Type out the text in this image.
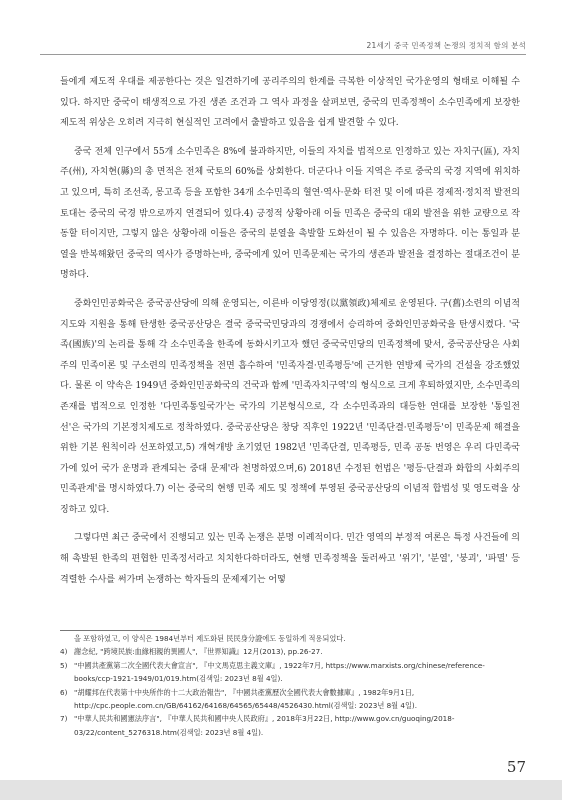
21세기 중국 민족정책 논쟁의 정치적 함의 분석

들에게 제도적 우대를 제공한다는 것은 일견하기에 공리주의의 한계를 극복한 이상적인 국가운영의 형태로 이해될 수 있다. 하지만 중국이 태생적으로 가진 생존 조건과 그 역사 과정을 살펴보면, 중국의 민족정책이 소수민족에게 보장한 제도적 위상은 오히려 지극히 현실적인 고려에서 출발하고 있음을 쉽게 발견할 수 있다.

중국 전체 인구에서 55개 소수민족은 8%에 불과하지만, 이들의 자치를 법적으로 인정하고 있는 자치구(區), 자치주(州), 자치현(縣)의 총 면적은 전체 국토의 60%를 상회한다. 더군다나 이들 지역은 주로 중국의 국경 지역에 위치하고 있으며, 특히 조선족, 몽고족 등을 포함한 34개 소수민족의 혈연·역사·문화 터전 및 이에 따른 경제적·정치적 발전의 토대는 중국의 국경 밖으로까지 연결되어 있다.4) 긍정적 상황아래 이들 민족은 중국의 대외 발전을 위한 교량으로 작동할 터이지만, 그렇지 않은 상황아래 이들은 중국의 분열을 촉발할 도화선이 될 수 있음은 자명하다. 이는 통일과 분열을 반복해왔던 중국의 역사가 증명하는바, 중국에게 있어 민족문제는 국가의 생존과 발전을 결정하는 절대조건이 분명하다.

중화인민공화국은 중국공산당에 의해 운영되는, 이른바 이당영정(以黨領政)체제로 운영된다. 구(舊)소련의 이념적 지도와 지원을 통해 탄생한 중국공산당은 결국 중국국민당과의 경쟁에서 승리하여 중화인민공화국을 탄생시켰다. '국족(國族)'의 논리를 통해 각 소수민족을 한족에 동화시키고자 했던 중국국민당의 민족정책에 맞서, 중국공산당은 사회주의 민족이론 및 구소련의 민족정책을 전면 흡수하여 '민족자결·민족평등'에 근거한 연방제 국가의 건설을 강조했었다. 물론 이 약속은 1949년 중화인민공화국의 건국과 함께 '민족자치구역'의 형식으로 크게 후퇴하였지만, 소수민족의 존재를 법적으로 인정한 '다민족통일국가'는 국가의 기본형식으로, 각 소수민족과의 대등한 연대를 보장한 '통일전선'은 국가의 기본정치제도로 정착하였다. 중국공산당은 창당 직후인 1922년 '민족단결·민족평등'이 민족문제 해결을 위한 기본 원칙이라 선포하였고,5) 개혁개방 초기였던 1982년 '민족단결, 민족평등, 민족 공동 번영은 우리 다민족국가에 있어 국가 운명과 관계되는 중대 문제'라 천명하였으며,6) 2018년 수정된 헌법은 '평등·단결과 화합의 사회주의 민족관계'를 명시하였다.7) 이는 중국의 현행 민족 제도 및 정책에 투영된 중국공산당의 이념적 합법성 및 영도력을 상징하고 있다.

그렇다면 최근 중국에서 진행되고 있는 민족 논쟁은 분명 이례적이다. 민간 영역의 부정적 여론은 특정 사건들에 의해 촉발된 한족의 편협한 민족정서라고 치치한다하더라도, 현행 민족정책을 둘러싸고 '위기', '분열', '붕괴', '파멸' 등 격렬한 수사를 써가며 논쟁하는 학자들의 문제제기는 어떻

을 포함하였고, 이 양식은 1984년부터 제도화된 民民身分證에도 동일하게 적용되었다.

4) 謝念紀, "跨境民族:血緣相親的異國人", 『世界知識』12月(2013), pp.26-27.

5) "中國共產黨第二次全國代表大會宣言", 『中文馬克思主義文庫』, 1922年7月, https://www.marxists.org/chinese/reference-books/ccp-1921-1949/01/019.htm(검색일: 2023년 8월 4일).

6) "胡耀邦在代表第十中央所作的十二大政治報告", 『中國共產黨歷次全國代表大會數據庫』, 1982年9月1日, http://cpc.people.com.cn/GB/64162/64168/64565/65448/4526430.html(검색일: 2023년 8월 4일).

7) "中華人民共和國憲法序言", 『中華人民共和國中央人民政府』, 2018年3月22日, http://www.gov.cn/guoqing/2018-03/22/content_5276318.htm(검색일: 2023년 8월 4일).

57
